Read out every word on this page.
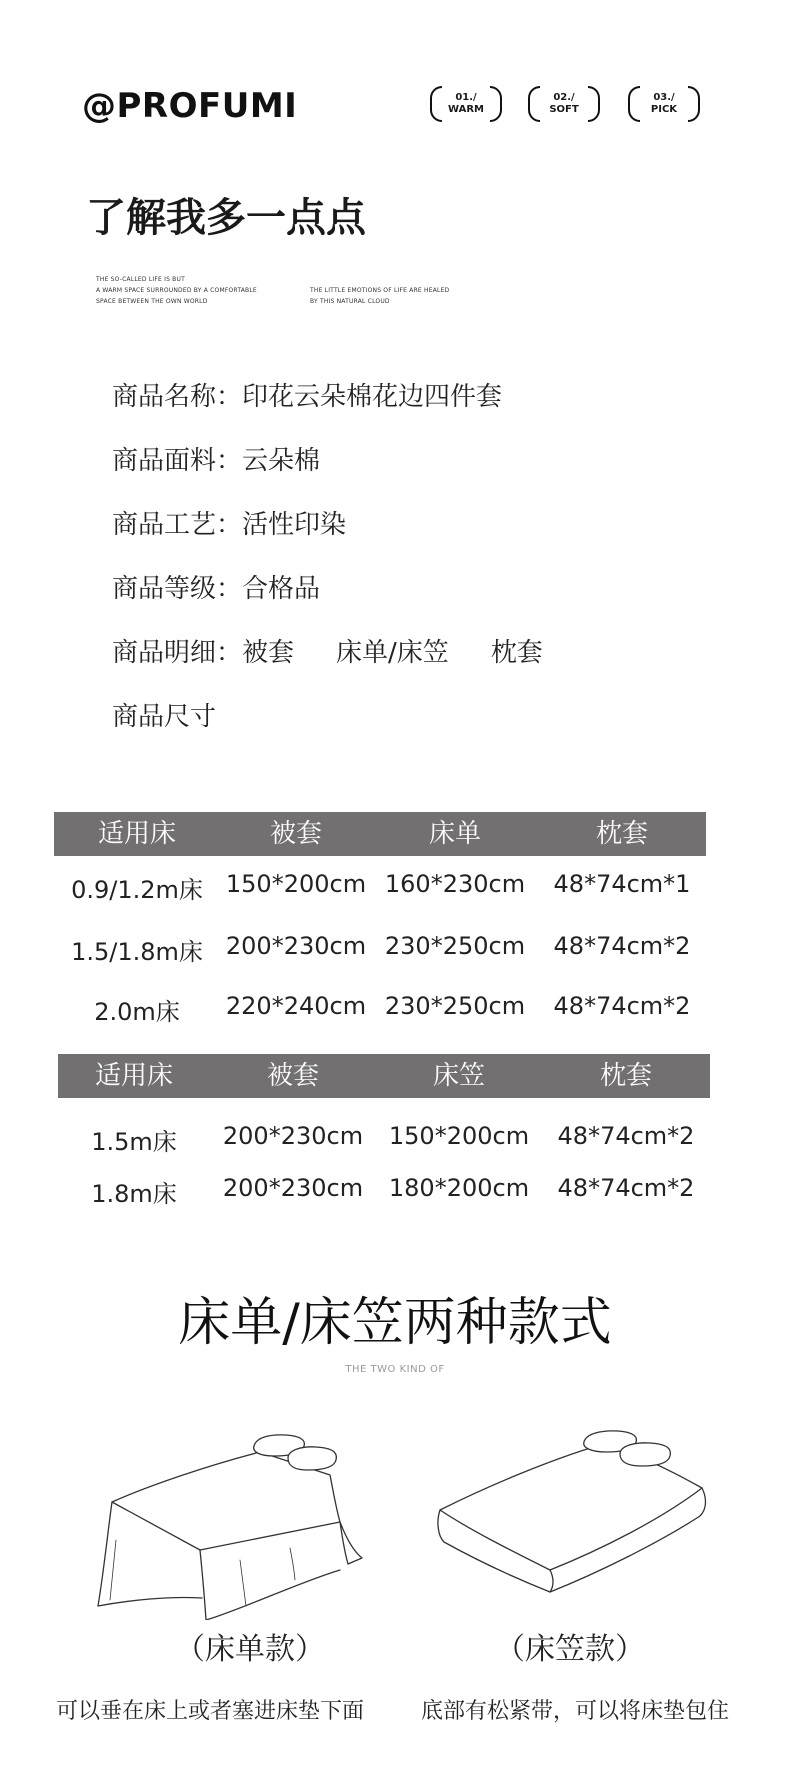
@PROFUMI	01./
WARM
02./
SOFT
03./
PICK
了解我多一点点
THE SO-CALLED LIFE IS BUT
A WARM SPACE SURROUNDED BY A COMFORTABLE
SPACE BETWEEN THE OWN WORLD
THE LITTLE EMOTIONS OF LIFE ARE HEALED
BY THIS NATURAL CLOUD
商品名称：印花云朵棉花边四件套
商品面料：云朵棉
商品工艺：活性印染
商品等级：合格品
商品明细：被套 床单/床笠 枕套
商品尺寸
适用床	被套	床单	枕套
0.9/1.2m床 150*200cm 160*230cm	48*74cm*1
1.5/1.8m床 200*230cm 230*250cm	48*74cm*2
2.0m床	220*240cm 230*250cm	48*74cm*2
适用床	被套	床笠	枕套
1.5m床	200*230cm	150*200cm	48*74cm*2
1.8m床	200*230cm	180*200cm	48*74cm*2
床单/床笠两种款式
THE TWO KIND OF
（床单款）	（床笠款）
可以垂在床上或者塞进床垫下面	底部有松紧带，可以将床垫包住
